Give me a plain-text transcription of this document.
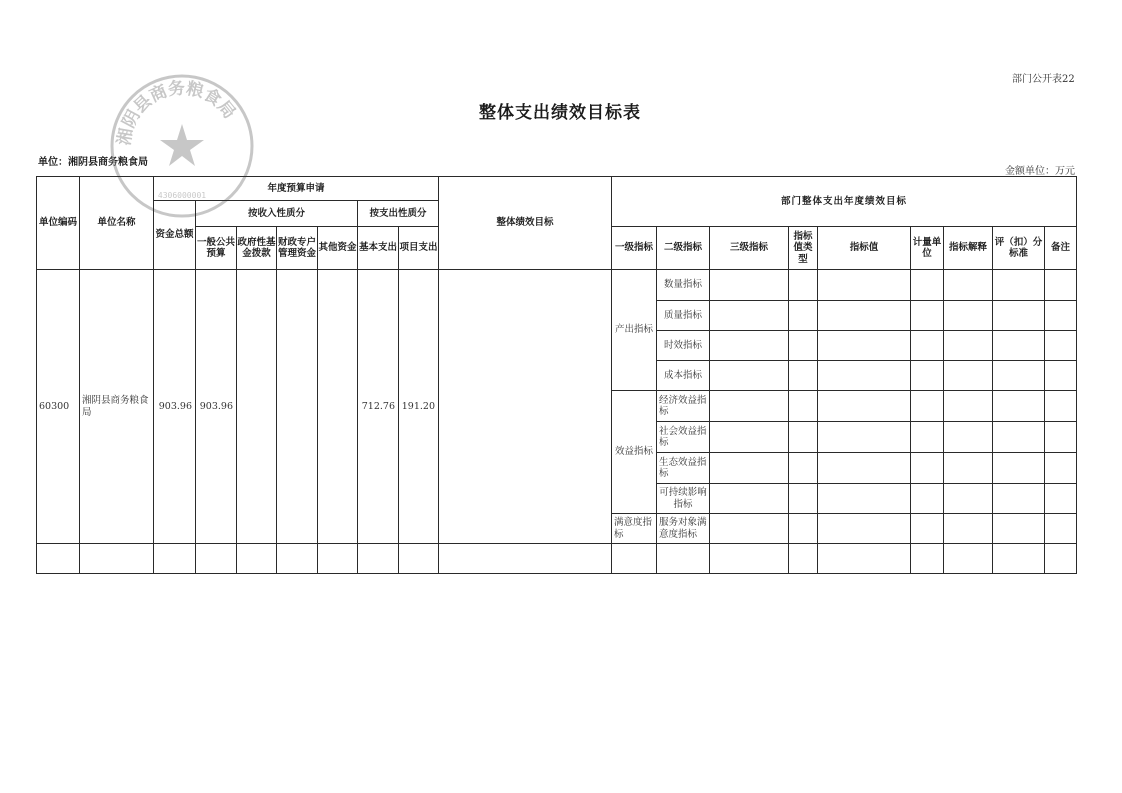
部门公开表22
整体支出绩效目标表
单位：湘阴县商务粮食局
金额单位：万元
湘阴县商务粮食局
4306000001
单位编码	单位名称	年度预算申请							整体绩效目标	部门整体支出年度绩效目标								
		资金总额	按收入性质分				按支出性质分											
			一般公共预算	政府性基金拨款	财政专户管理资金	其他资金	基本支出	项目支出		一级指标	二级指标	三级指标	指标值类型	指标值	计量单位	指标解释	评（扣）分标准	备注
60300	湘阴县商务粮食局	903.96	903.96				712.76	191.20		产出指标	数量指标							
											质量指标							
											时效指标							
											成本指标							
										效益指标	经济效益指标							
											社会效益指标							
											生态效益指标							
											可持续影响指标							
										满意度指标	服务对象满意度指标							
